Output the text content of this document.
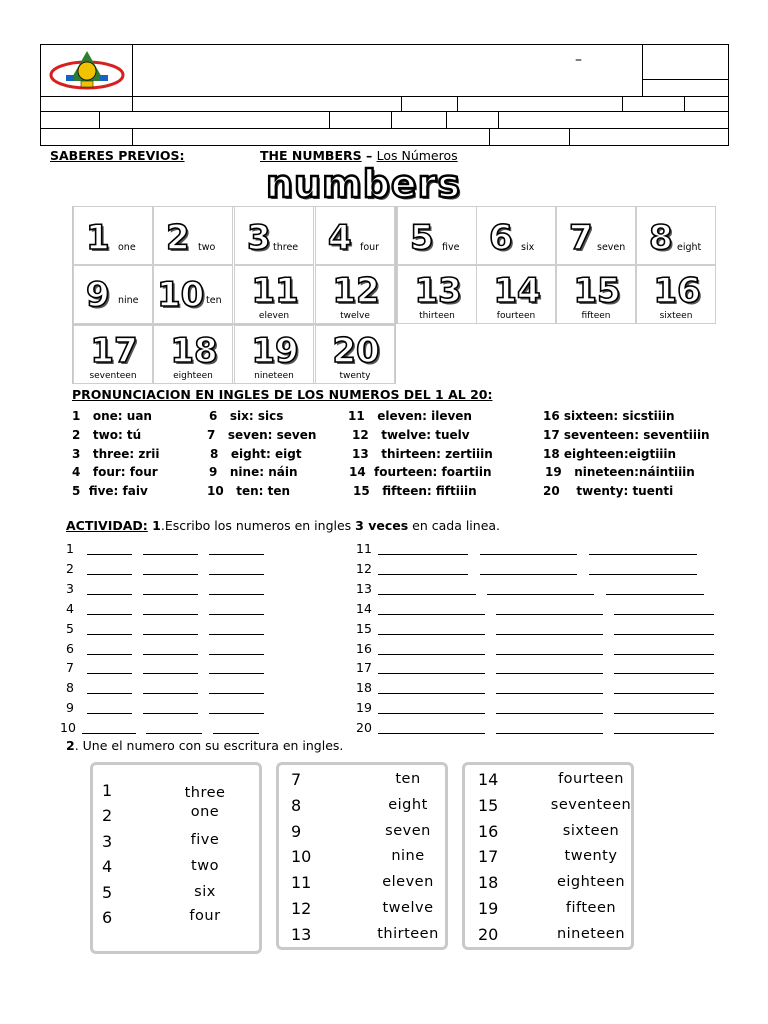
–
SABERES PREVIOS:	THE NUMBERS – Los Números
numbers
1 one 2 two 3 three 4 four 5 five 6 six 7 seven 8 eight
9 nine 10 ten 11
eleven
12
twelve
13
thirteen
14
fourteen
15
fifteen
16
sixteen
17
seventeen
18
eighteen
19
nineteen
20
twenty
PRONUNCIACION EN INGLES DE LOS NUMEROS DEL 1 AL 20:
1   one: uan
2   two: tú
3   three: zrii
4   four: four
5  five: faiv
6   six: sics
7   seven: seven
8   eight: eigt
9   nine: náin
10   ten: ten
11   eleven: ileven
12   twelve: tuelv
13   thirteen: zertiiin
14  fourteen: foartiin
15   fifteen: fiftiiin
16 sixteen: sicstiiin
17 seventeen: seventiiin
18 eighteen:eigtiiin
19   nineteen:náintiiin
20    twenty: tuenti
ACTIVIDAD: 1.Escribo los numeros en ingles 3 veces en cada linea.
1
2
3
4
5
6
7
8
9
10
11
12
13
14
15
16
17
18
19
20
2. Une el numero con su escritura en ingles.
1
2
3
4
5
6
three
one
five
two
six
four
7
8
9
10
11
12
13
ten
eight
seven
nine
eleven
twelve
thirteen
14
15
16
17
18
19
20
fourteen
seventeen
sixteen
twenty
eighteen
fifteen
nineteen
